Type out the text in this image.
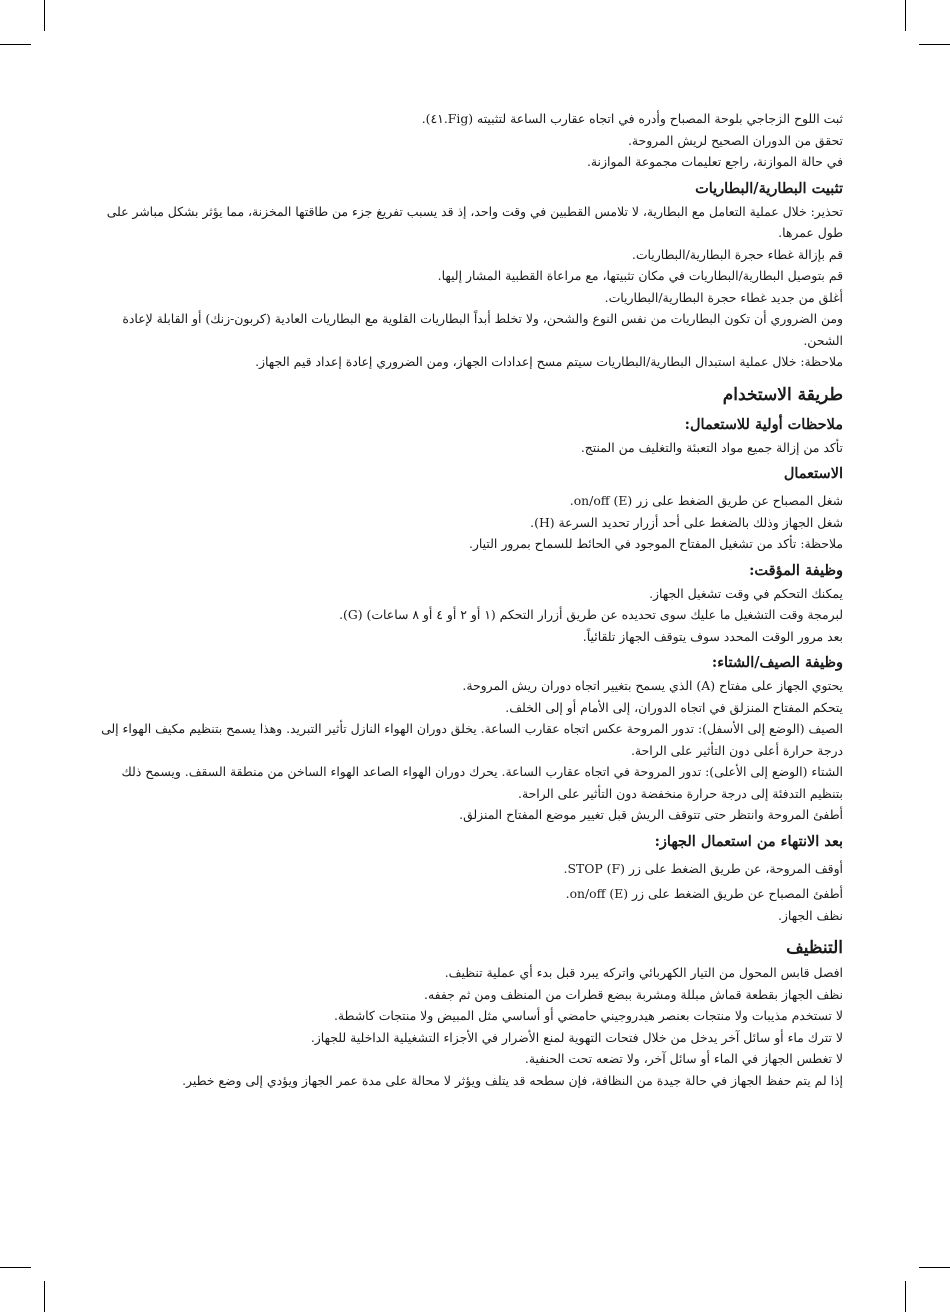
ثبت اللوح الزجاجي بلوحة المصباح وأدره في اتجاه عقارب الساعة لتثبيته (Fig.٤١).

تحقق من الدوران الصحيح لريش المروحة.

في حالة الموازنة، راجع تعليمات مجموعة الموازنة.

تثبيت البطارية/البطاريات

تحذير: خلال عملية التعامل مع البطارية، لا تلامس القطبين في وقت واحد، إذ قد يسبب تفريغ جزء من طاقتها المخزنة، مما يؤثر بشكل مباشر على طول عمرها.

قم بإزالة غطاء حجرة البطارية/البطاريات.

قم بتوصيل البطارية/البطاريات في مكان تثبيتها، مع مراعاة القطبية المشار إليها.

أغلق من جديد غطاء حجرة البطارية/البطاريات.

ومن الضروري أن تكون البطاريات من نفس النوع والشحن، ولا تخلط أبداً البطاريات القلوية مع البطاريات العادية (كربون-زنك) أو القابلة لإعادة الشحن.

ملاحظة: خلال عملية استبدال البطارية/البطاريات سيتم مسح إعدادات الجهاز، ومن الضروري إعادة إعداد قيم الجهاز.

طريقة الاستخدام
ملاحظات أولية للاستعمال:

تأكد من إزالة جميع مواد التعبئة والتغليف من المنتج.

الاستعمال

شغل المصباح عن طريق الضغط على زر on/off (E).

شغل الجهاز وذلك بالضغط على أحد أزرار تحديد السرعة (H).

ملاحظة: تأكد من تشغيل المفتاح الموجود في الحائط للسماح بمرور التيار.

وظيفة المؤقت:

يمكنك التحكم في وقت تشغيل الجهاز.

لبرمجة وقت التشغيل ما عليك سوى تحديده عن طريق أزرار التحكم (١ أو ٢ أو ٤ أو ٨ ساعات) (G).

بعد مرور الوقت المحدد سوف يتوقف الجهاز تلقائياً.

وظيفة الصيف/الشتاء:

يحتوي الجهاز على مفتاح (A) الذي يسمح بتغيير اتجاه دوران ريش المروحة.

يتحكم المفتاح المنزلق في اتجاه الدوران، إلى الأمام أو إلى الخلف.

الصيف (الوضع إلى الأسفل): تدور المروحة عكس اتجاه عقارب الساعة. يخلق دوران الهواء النازل تأثير التبريد. وهذا يسمح بتنظيم مكيف الهواء إلى درجة حرارة أعلى دون التأثير على الراحة.

الشتاء (الوضع إلى الأعلى): تدور المروحة في اتجاه عقارب الساعة. يحرك دوران الهواء الصاعد الهواء الساخن من منطقة السقف. ويسمح ذلك بتنظيم التدفئة إلى درجة حرارة منخفضة دون التأثير على الراحة.

أطفئ المروحة وانتظر حتى تتوقف الريش قبل تغيير موضع المفتاح المنزلق.

بعد الانتهاء من استعمال الجهاز:

أوقف المروحة، عن طريق الضغط على زر STOP (F).

أطفئ المصباح عن طريق الضغط على زر on/off (E).

نظف الجهاز.

التنظيف

افصل قابس المحول من التيار الكهربائي واتركه يبرد قبل بدء أي عملية تنظيف.

نظف الجهاز بقطعة قماش مبللة ومشربة ببضع قطرات من المنظف ومن ثم جففه.

لا تستخدم مذيبات ولا منتجات بعنصر هيدروجيني حامضي أو أساسي مثل المبيض ولا منتجات كاشطة.

لا تترك ماء أو سائل آخر يدخل من خلال فتحات التهوية لمنع الأضرار في الأجزاء التشغيلية الداخلية للجهاز.

لا تغطس الجهاز في الماء أو سائل آخر، ولا تضعه تحت الحنفية.

إذا لم يتم حفظ الجهاز في حالة جيدة من النظافة، فإن سطحه قد يتلف ويؤثر لا محالة على مدة عمر الجهاز ويؤدي إلى وضع خطير.
